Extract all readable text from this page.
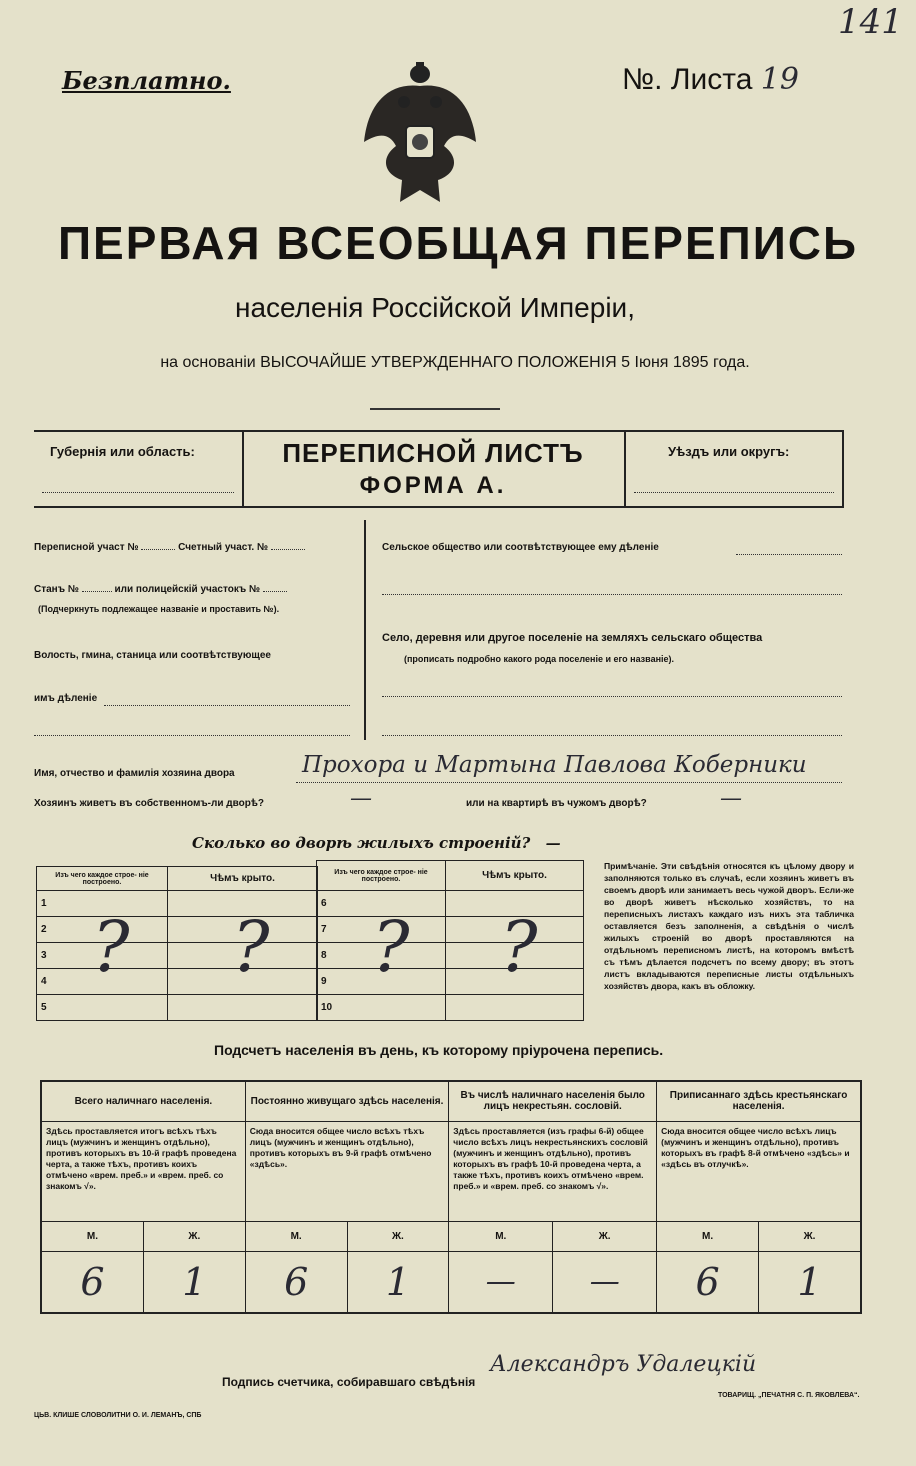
141
Безплатно.	№. Листа 19
ПЕРВАЯ ВСЕОБЩАЯ ПЕРЕПИСЬ
населенія Россійской Имперіи,
на основаніи ВЫСОЧАЙШЕ УТВЕРЖДЕННАГО ПОЛОЖЕНІЯ 5 Іюня 1895 года.
Губернія или область:	ПЕРЕПИСНОЙ ЛИСТЪ
ФОРМА А.
Уѣздъ или округъ:
Переписной участ №	Счетный участ. №
Станъ №	или полицейскій участокъ №
(Подчеркнуть подлежащее названіе и проставить №).
Волость, гмина, станица или соотвѣтствующее
имъ дѣленіе
Сельское общество или соотвѣтствующее ему дѣленіе
Село, деревня или другое поселеніе на земляхъ сельскаго общества
(прописать подробно какого рода поселеніе и его названіе).
Имя, отчество и фамилія хозяина двора	Прохора и Мартына Павлова Коберники
Хозяинъ живетъ въ собственномъ-ли дворѣ?	—	или на квартирѣ въ чужомъ дворѣ?	—
Сколько во дворѣ жилыхъ строеній? —
Изъ чего каждое строе- ніе построено.	Чѣмъ крыто.
1	
2	
3	
4	
5	
Изъ чего каждое строе- ніе построено.	Чѣмъ крыто.
6	
7	
8	
9	
10	
? ? ? ?
Примѣчаніе. Эти свѣдѣнія относятся къ цѣлому двору и заполняются только въ случаѣ, если хозяинъ живетъ въ своемъ дворѣ или занимаетъ весь чужой дворъ. Если-же во дворѣ живетъ нѣсколько хозяйствъ, то на переписныхъ листахъ каждаго изъ нихъ эта табличка оставляется безъ заполненія, а свѣдѣнія о числѣ жилыхъ строеній во дворѣ проставляются на отдѣльномъ переписномъ листѣ, на которомъ вмѣстѣ съ тѣмъ дѣлается подсчетъ по всему двору; въ этотъ листъ вкладываются переписные листы отдѣльныхъ хозяйствъ двора, какъ въ обложку.
Подсчетъ населенія въ день, къ которому пріурочена перепись.
Всего наличнаго населенія.		Постоянно живущаго здѣсь населенія.		Въ числѣ наличнаго населенія было лицъ некрестьян. сословій.		Приписаннаго здѣсь крестьянскаго населенія.	
Здѣсь проставляется итогъ всѣхъ тѣхъ лицъ (мужчинъ и женщинъ отдѣльно), противъ которыхъ въ 10-й графѣ проведена черта, а также тѣхъ, противъ коихъ отмѣчено «врем. преб.» и «врем. преб. со знакомъ √».		Сюда вносится общее число всѣхъ тѣхъ лицъ (мужчинъ и женщинъ отдѣльно), противъ которыхъ въ 9-й графѣ отмѣчено «здѣсь».		Здѣсь проставляется (изъ графы 6-й) общее число всѣхъ лицъ некрестьянскихъ сословій (мужчинъ и женщинъ отдѣльно), противъ которыхъ въ графѣ 10-й проведена черта, а также тѣхъ, противъ коихъ отмѣчено «врем. преб.» и «врем. преб. со знакомъ √».		Сюда вносится общее число всѣхъ лицъ (мужчинъ и женщинъ отдѣльно), противъ которыхъ въ графѣ 8-й отмѣчено «здѣсь» и «здѣсь въ отлучкѣ».	
М.	Ж.	М.	Ж.	М.	Ж.	М.	Ж.
6	1	6	1	—	—	6	1
Подпись счетчика, собиравшаго свѣдѣнія
Александръ Удалецкій
ЦЬВ. КЛИШЕ СЛОВОЛИТНИ О. И. ЛЕМАНЪ, СПБ
ТОВАРИЩ. „ПЕЧАТНЯ С. П. ЯКОВЛЕВА“.
